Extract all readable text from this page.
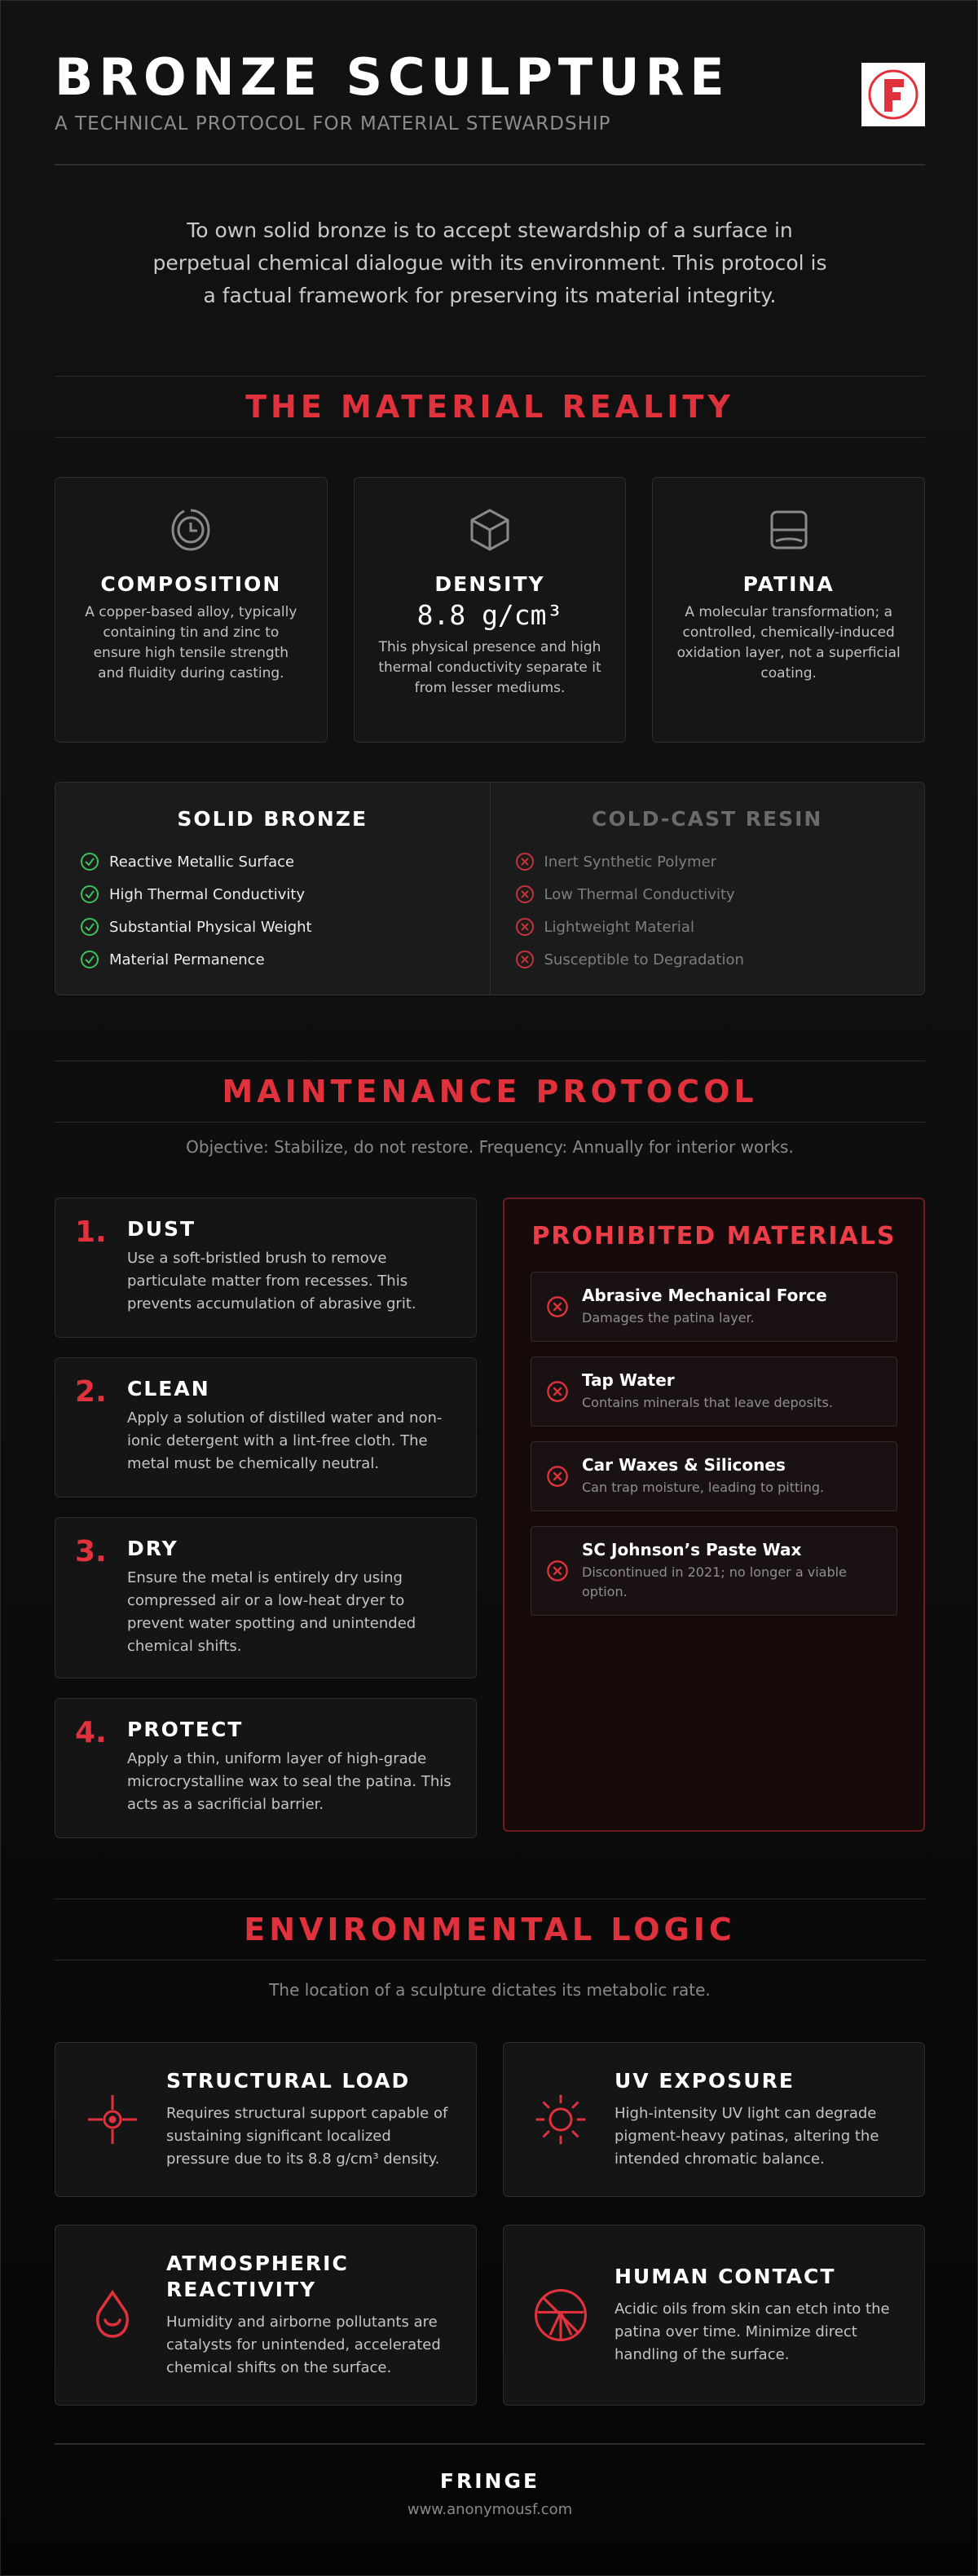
BRONZE SCULPTURE
A TECHNICAL PROTOCOL FOR MATERIAL STEWARDSHIP
To own solid bronze is to accept stewardship of a surface in perpetual chemical dialogue with its environment. This protocol is a factual framework for preserving its material integrity.
THE MATERIAL REALITY
COMPOSITION

A copper-based alloy, typically containing tin and zinc to ensure high tensile strength and fluidity during casting.

DENSITY
8.8 g/cm³

This physical presence and high thermal conductivity separate it from lesser mediums.

PATINA

A molecular transformation; a controlled, chemically-induced oxidation layer, not a superficial coating.

SOLID BRONZE
Reactive Metallic Surface
High Thermal Conductivity
Substantial Physical Weight
Material Permanence
COLD-CAST RESIN
Inert Synthetic Polymer
Low Thermal Conductivity
Lightweight Material
Susceptible to Degradation
MAINTENANCE PROTOCOL
Objective: Stabilize, do not restore. Frequency: Annually for interior works.
1.	DUST

Use a soft-bristled brush to remove particulate matter from recesses. This prevents accumulation of abrasive grit.

2.	CLEAN

Apply a solution of distilled water and non-ionic detergent with a lint-free cloth. The metal must be chemically neutral.

3.	DRY

Ensure the metal is entirely dry using compressed air or a low-heat dryer to prevent water spotting and unintended chemical shifts.

4.	PROTECT

Apply a thin, uniform layer of high-grade microcrystalline wax to seal the patina. This acts as a sacrificial barrier.

PROHIBITED MATERIALS
Abrasive Mechanical Force
Damages the patina layer.
Tap Water
Contains minerals that leave deposits.
Car Waxes & Silicones
Can trap moisture, leading to pitting.
SC Johnson’s Paste Wax
Discontinued in 2021; no longer a viable option.
ENVIRONMENTAL LOGIC
The location of a sculpture dictates its metabolic rate.
STRUCTURAL LOAD

Requires structural support capable of sustaining significant localized pressure due to its 8.8 g/cm³ density.

UV EXPOSURE

High-intensity UV light can degrade pigment-heavy patinas, altering the intended chromatic balance.

ATMOSPHERIC REACTIVITY

Humidity and airborne pollutants are catalysts for unintended, accelerated chemical shifts on the surface.

HUMAN CONTACT

Acidic oils from skin can etch into the patina over time. Minimize direct handling of the surface.

FRINGE
www.anonymousf.com
